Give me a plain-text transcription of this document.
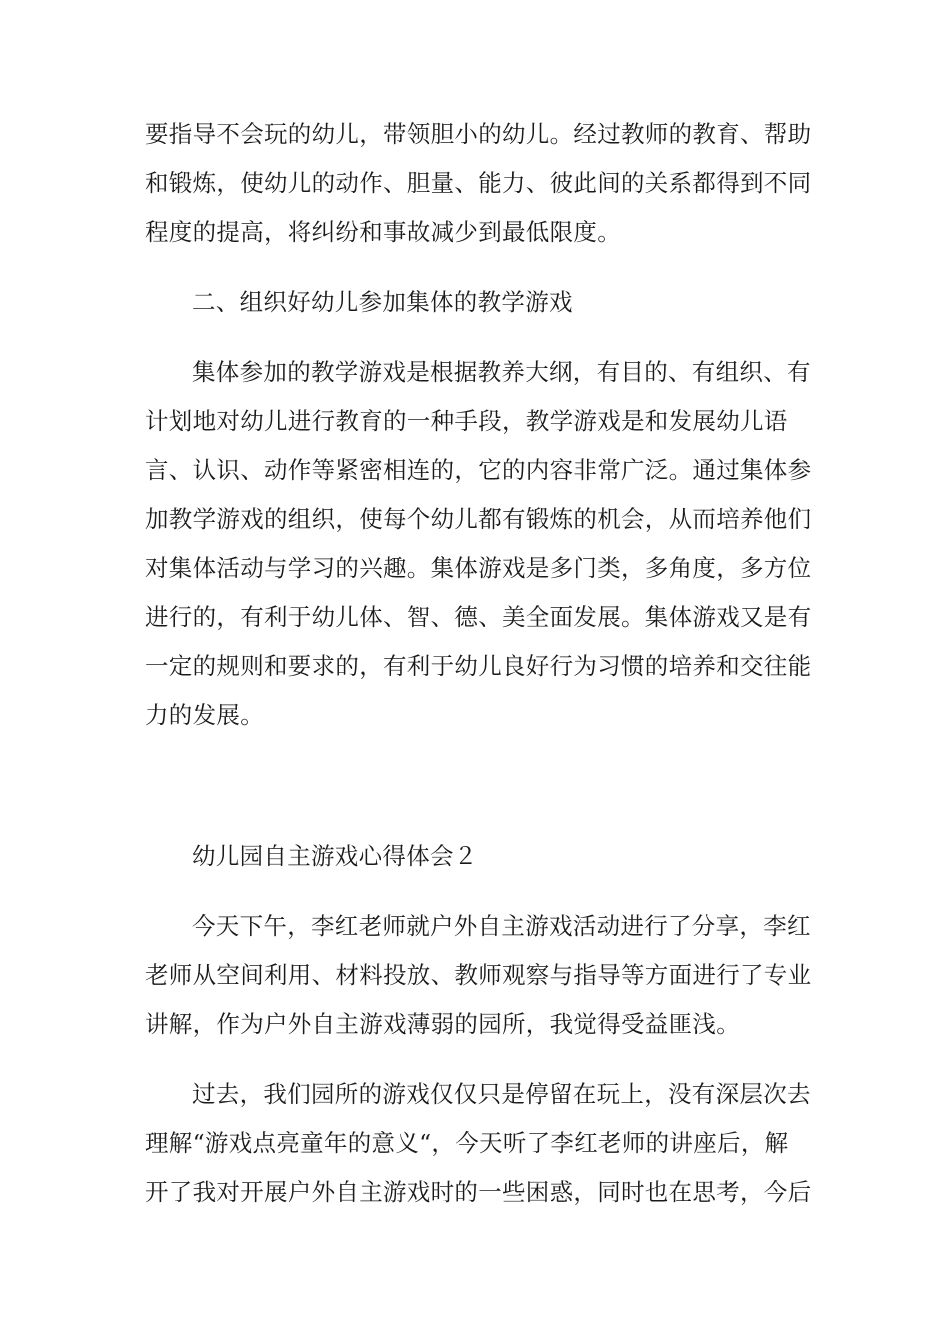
要指导不会玩的幼儿，带领胆小的幼儿。经过教师的教育、帮助
和锻炼，使幼儿的动作、胆量、能力、彼此间的关系都得到不同
程度的提高，将纠纷和事故减少到最低限度。
二、组织好幼儿参加集体的教学游戏
集体参加的教学游戏是根据教养大纲，有目的、有组织、有
计划地对幼儿进行教育的一种手段，教学游戏是和发展幼儿语
言、认识、动作等紧密相连的，它的内容非常广泛。通过集体参
加教学游戏的组织，使每个幼儿都有锻炼的机会，从而培养他们
对集体活动与学习的兴趣。集体游戏是多门类，多角度，多方位
进行的，有利于幼儿体、智、德、美全面发展。集体游戏又是有
一定的规则和要求的，有利于幼儿良好行为习惯的培养和交往能
力的发展。
幼儿园自主游戏心得体会２
今天下午，李红老师就户外自主游戏活动进行了分享，李红
老师从空间利用、材料投放、教师观察与指导等方面进行了专业
讲解，作为户外自主游戏薄弱的园所，我觉得受益匪浅。
过去，我们园所的游戏仅仅只是停留在玩上，没有深层次去
理解“游戏点亮童年的意义“，今天听了李红老师的讲座后，解
开了我对开展户外自主游戏时的一些困惑，同时也在思考，今后
